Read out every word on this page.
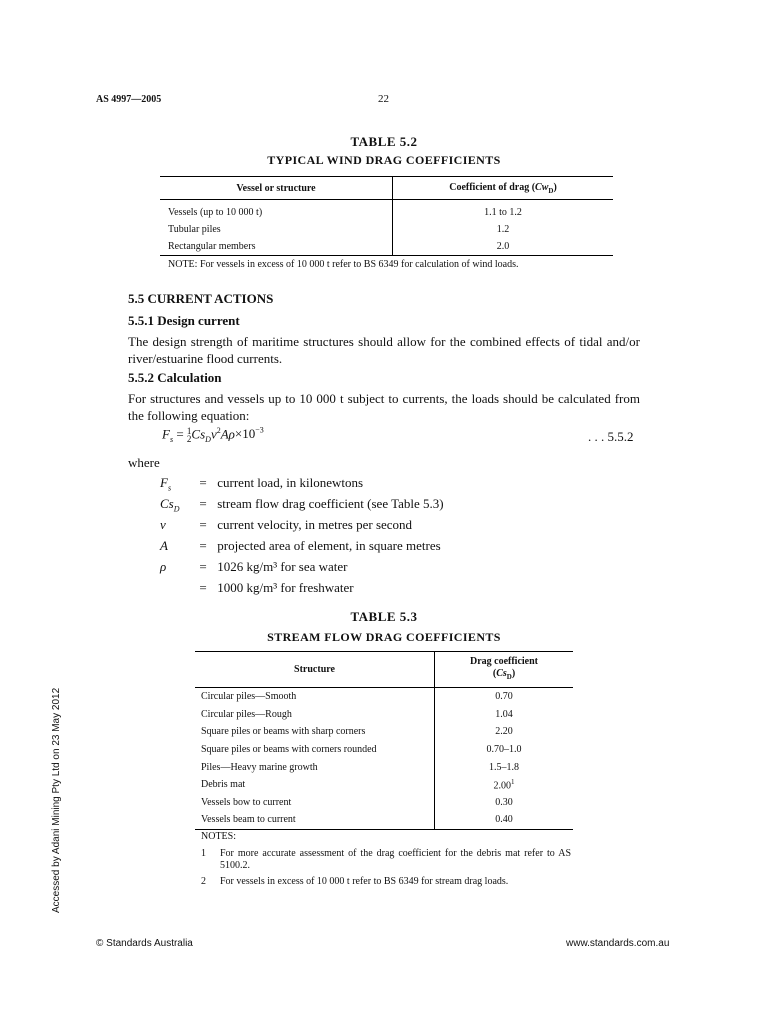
AS 4997—2005	22
TABLE 5.2
TYPICAL WIND DRAG COEFFICIENTS
Vessel or structure	Coefficient of drag $(Cw_D)$

Vessels (up to 10 000 t)	1.1 to 1.2
Tubular piles	1.2
Rectangular members	2.0
NOTE: For vessels in excess of 10 000 t refer to BS 6349 for calculation of wind loads.
5.5 CURRENT ACTIONS
5.5.1 Design current
The design strength of maritime structures should allow for the combined effects of tidal and/or river/estuarine flood currents.
5.5.2 Calculation
For structures and vessels up to 10 000 t subject to currents, the loads should be calculated from the following equation:
$F_s = 1$
$2Cs_Dv^2A\rho\times 10^{-3}$	. . . 5.5.2
where
$F_s$ = current load, in kilonewtons
$Cs_D$ = stream flow drag coefficient (see Table 5.3)
v	= current velocity, in metres per second
A = projected area of element, in square metres
ρ	= 1026 kg/m³ for sea water
= 1000 kg/m³ for freshwater
TABLE 5.3
STREAM FLOW DRAG COEFFICIENTS
Structure	Drag coefficient
$(Cs_D)$
Circular piles—Smooth	0.70
Circular piles—Rough	1.04
Square piles or beams with sharp corners	2.20
Square piles or beams with corners rounded	0.70–1.0
Piles—Heavy marine growth	1.5–1.8
Debris mat	2.00$^1$
Vessels bow to current	0.30
Vessels beam to current	0.40
NOTES:
1	For more accurate assessment of the drag coefficient for the debris mat refer to AS 5100.2.
2	For vessels in excess of 10 000 t refer to BS 6349 for stream drag loads.
© Standards Australia	www.standards.com.au
Accessed by Adani Mining Pty Ltd on 23 May 2012
